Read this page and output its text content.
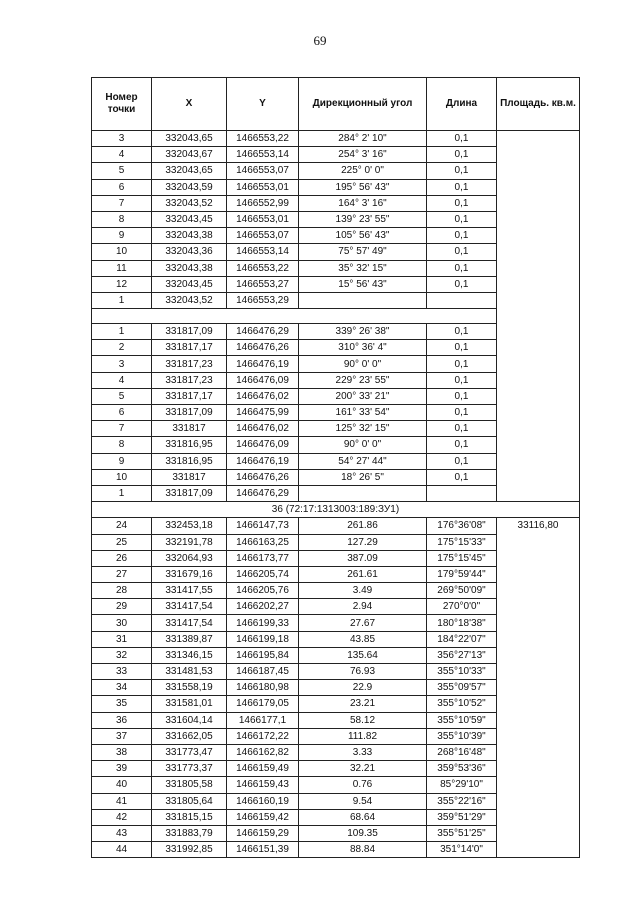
69
Номер точки	X	Y	Дирекционный угол	Длина	Площадь. кв.м.
3	332043,65	1466553,22	284° 2' 10"	0,1	
4	332043,67	1466553,14	254° 3' 16"	0,1	
5	332043,65	1466553,07	225° 0' 0"	0,1	
6	332043,59	1466553,01	195° 56' 43"	0,1	
7	332043,52	1466552,99	164° 3' 16"	0,1	
8	332043,45	1466553,01	139° 23' 55"	0,1	
9	332043,38	1466553,07	105° 56' 43"	0,1	
10	332043,36	1466553,14	75° 57' 49"	0,1	
11	332043,38	1466553,22	35° 32' 15"	0,1	
12	332043,45	1466553,27	15° 56' 43"	0,1	
1	332043,52	1466553,29			

1	331817,09	1466476,29	339° 26' 38"	0,1	
2	331817,17	1466476,26	310° 36' 4"	0,1	
3	331817,23	1466476,19	90° 0' 0"	0,1	
4	331817,23	1466476,09	229° 23' 55"	0,1	
5	331817,17	1466476,02	200° 33' 21"	0,1	
6	331817,09	1466475,99	161° 33' 54"	0,1	
7	331817	1466476,02	125° 32' 15"	0,1	
8	331816,95	1466476,09	90° 0' 0"	0,1	
9	331816,95	1466476,19	54° 27' 44"	0,1	
10	331817	1466476,26	18° 26' 5"	0,1	
1	331817,09	1466476,29			
36 (72:17:1313003:189:ЗУ1)					
24	332453,18	1466147,73	261.86	176°36'08"	33116,80
25	332191,78	1466163,25	127.29	175°15'33"	
26	332064,93	1466173,77	387.09	175°15'45"	
27	331679,16	1466205,74	261.61	179°59'44"	
28	331417,55	1466205,76	3.49	269°50'09"	
29	331417,54	1466202,27	2.94	270°0'0"	
30	331417,54	1466199,33	27.67	180°18'38"	
31	331389,87	1466199,18	43.85	184°22'07"	
32	331346,15	1466195,84	135.64	356°27'13"	
33	331481,53	1466187,45	76.93	355°10'33"	
34	331558,19	1466180,98	22.9	355°09'57"	
35	331581,01	1466179,05	23.21	355°10'52"	
36	331604,14	1466177,1	58.12	355°10'59"	
37	331662,05	1466172,22	111.82	355°10'39"	
38	331773,47	1466162,82	3.33	268°16'48"	
39	331773,37	1466159,49	32.21	359°53'36"	
40	331805,58	1466159,43	0.76	85°29'10"	
41	331805,64	1466160,19	9.54	355°22'16"	
42	331815,15	1466159,42	68.64	359°51'29"	
43	331883,79	1466159,29	109.35	355°51'25"	
44	331992,85	1466151,39	88.84	351°14'0"	
